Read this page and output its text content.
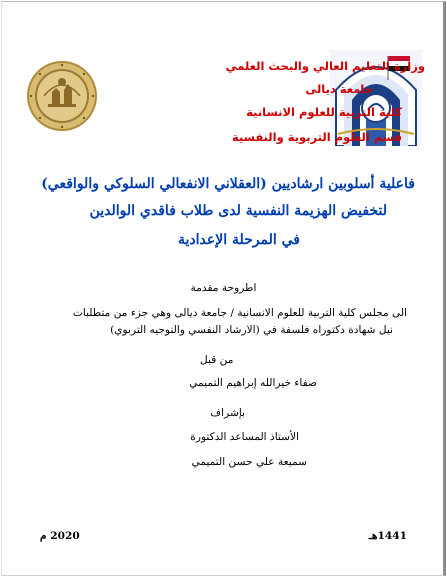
وزارة التعليم العالي والبحث العلمي
جامعة ديالى
كلية التربية للعلوم الانسانية
قسم العلوم التربوية والنفسية
فاعلية أسلوبين ارشاديين (العقلاني الانفعالي السلوكي والواقعي)
لتخفيض الهزيمة النفسية لدى طلاب فاقدي الوالدين
في المرحلة الإعدادية
اطروحة مقدمة
الى مجلس كلية التربية للعلوم الانسانية / جامعة ديالى وهي جزء من متطلبات
نيل شهادة دكتوراه فلسفة في (الارشاد النفسي والتوجيه التربوي)
من قبل
صفاء خيرالله إبراهيم التميمي
بإشراف
الأستاذ المساعد الدكتورة
سميعة علي حسن التميمي
1441هـ
2020 م
